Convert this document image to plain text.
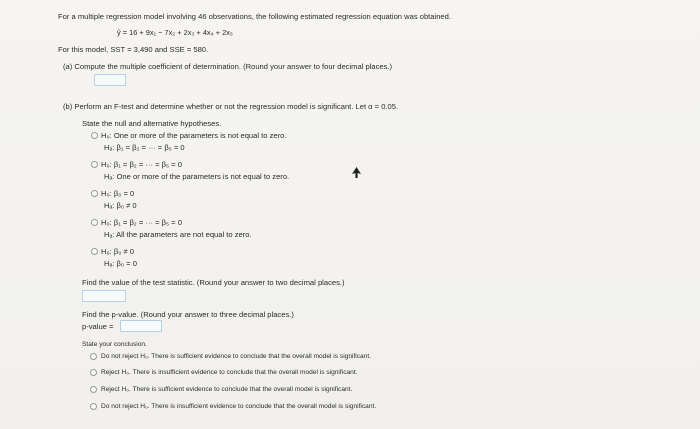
For a multiple regression model involving 46 observations, the following estimated regression equation was obtained.
ŷ = 16 + 9x₁ − 7x₂ + 2x₃ + 4x₄ + 2x₅
For this model, SST = 3,490 and SSE = 580.
(a) Compute the multiple coefficient of determination. (Round your answer to four decimal places.)
(b) Perform an F-test and determine whether or not the regression model is significant. Let α = 0.05.
State the null and alternative hypotheses.
H₀: One or more of the parameters is not equal to zero.
Hₐ: β₁ = β₂ = ··· = β₅ = 0
H₀: β₁ = β₂ = ··· = β₅ = 0
Hₐ: One or more of the parameters is not equal to zero.
H₀: β₀ = 0
Hₐ: β₀ ≠ 0
H₀: β₁ = β₂ = ··· = β₅ = 0
Hₐ: All the parameters are not equal to zero.
H₀: β₀ ≠ 0
Hₐ: β₀ = 0
Find the value of the test statistic. (Round your answer to two decimal places.)
Find the p-value. (Round your answer to three decimal places.)
p-value =
State your conclusion.
Do not reject H₀. There is sufficient evidence to conclude that the overall model is significant.
Reject H₀. There is insufficient evidence to conclude that the overall model is significant.
Reject H₀. There is sufficient evidence to conclude that the overall model is significant.
Do not reject H₀. There is insufficient evidence to conclude that the overall model is significant.
